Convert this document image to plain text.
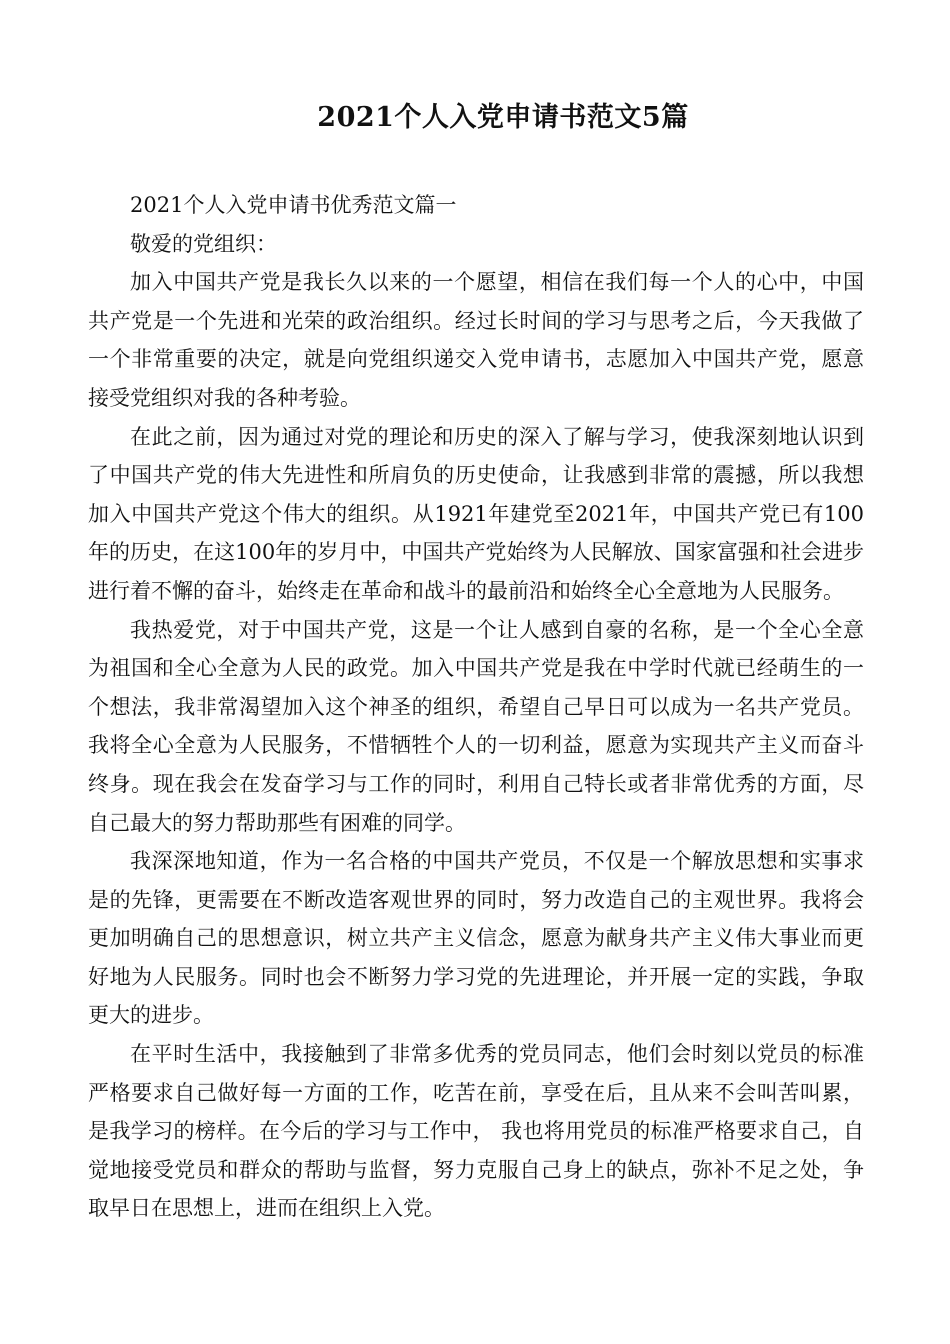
2021个人入党申请书范文5篇

2021个人入党申请书优秀范文篇一

敬爱的党组织：

加入中国共产党是我长久以来的一个愿望，相信在我们每一个人的心中，中国共产党是一个先进和光荣的政治组织。经过长时间的学习与思考之后，今天我做了一个非常重要的决定，就是向党组织递交入党申请书，志愿加入中国共产党，愿意接受党组织对我的各种考验。

在此之前，因为通过对党的理论和历史的深入了解与学习，使我深刻地认识到了中国共产党的伟大先进性和所肩负的历史使命，让我感到非常的震撼，所以我想加入中国共产党这个伟大的组织。从1921年建党至2021年，中国共产党已有100年的历史，在这100年的岁月中，中国共产党始终为人民解放、国家富强和社会进步进行着不懈的奋斗，始终走在革命和战斗的最前沿和始终全心全意地为人民服务。

我热爱党，对于中国共产党，这是一个让人感到自豪的名称，是一个全心全意为祖国和全心全意为人民的政党。加入中国共产党是我在中学时代就已经萌生的一个想法，我非常渴望加入这个神圣的组织，希望自己早日可以成为一名共产党员。我将全心全意为人民服务，不惜牺牲个人的一切利益，愿意为实现共产主义而奋斗终身。现在我会在发奋学习与工作的同时，利用自己特长或者非常优秀的方面，尽自己最大的努力帮助那些有困难的同学。

我深深地知道，作为一名合格的中国共产党员，不仅是一个解放思想和实事求是的先锋，更需要在不断改造客观世界的同时，努力改造自己的主观世界。我将会更加明确自己的思想意识，树立共产主义信念，愿意为献身共产主义伟大事业而更好地为人民服务。同时也会不断努力学习党的先进理论，并开展一定的实践，争取更大的进步。

在平时生活中，我接触到了非常多优秀的党员同志，他们会时刻以党员的标准严格要求自己做好每一方面的工作，吃苦在前，享受在后，且从来不会叫苦叫累，是我学习的榜样。在今后的学习与工作中， 我也将用党员的标准严格要求自己，自觉地接受党员和群众的帮助与监督，努力克服自己身上的缺点，弥补不足之处，争取早日在思想上，进而在组织上入党。
